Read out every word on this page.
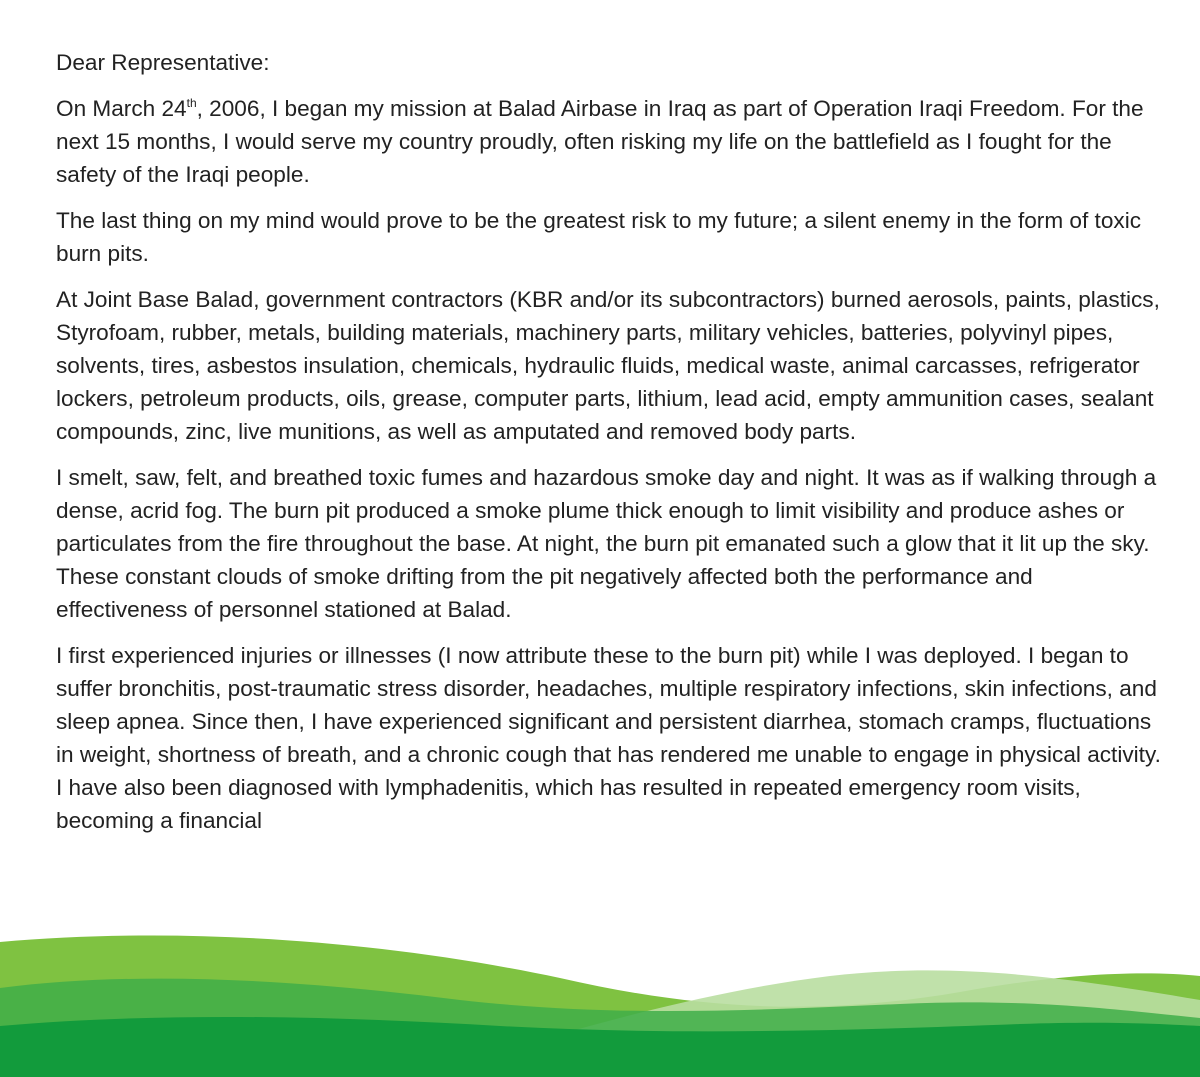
Dear Representative:

On March 24th, 2006, I began my mission at Balad Airbase in Iraq as part of Operation Iraqi Freedom. For the next 15 months, I would serve my country proudly, often risking my life on the battlefield as I fought for the safety of the Iraqi people.

The last thing on my mind would prove to be the greatest risk to my future; a silent enemy in the form of toxic burn pits.

At Joint Base Balad, government contractors (KBR and/or its subcontractors) burned aerosols, paints, plastics, Styrofoam, rubber, metals, building materials, machinery parts, military vehicles, batteries, polyvinyl pipes, solvents, tires, asbestos insulation, chemicals, hydraulic fluids, medical waste, animal carcasses, refrigerator lockers, petroleum products, oils, grease, computer parts, lithium, lead acid, empty ammunition cases, sealant compounds, zinc, live munitions, as well as amputated and removed body parts.

I smelt, saw, felt, and breathed toxic fumes and hazardous smoke day and night. It was as if walking through a dense, acrid fog. The burn pit produced a smoke plume thick enough to limit visibility and produce ashes or particulates from the fire throughout the base. At night, the burn pit emanated such a glow that it lit up the sky. These constant clouds of smoke drifting from the pit negatively affected both the performance and effectiveness of personnel stationed at Balad.

I first experienced injuries or illnesses (I now attribute these to the burn pit) while I was deployed. I began to suffer bronchitis, post-traumatic stress disorder, headaches, multiple respiratory infections, skin infections, and sleep apnea. Since then, I have experienced significant and persistent diarrhea, stomach cramps, fluctuations in weight, shortness of breath, and a chronic cough that has rendered me unable to engage in physical activity. I have also been diagnosed with lymphadenitis, which has resulted in repeated emergency room visits, becoming a financial
